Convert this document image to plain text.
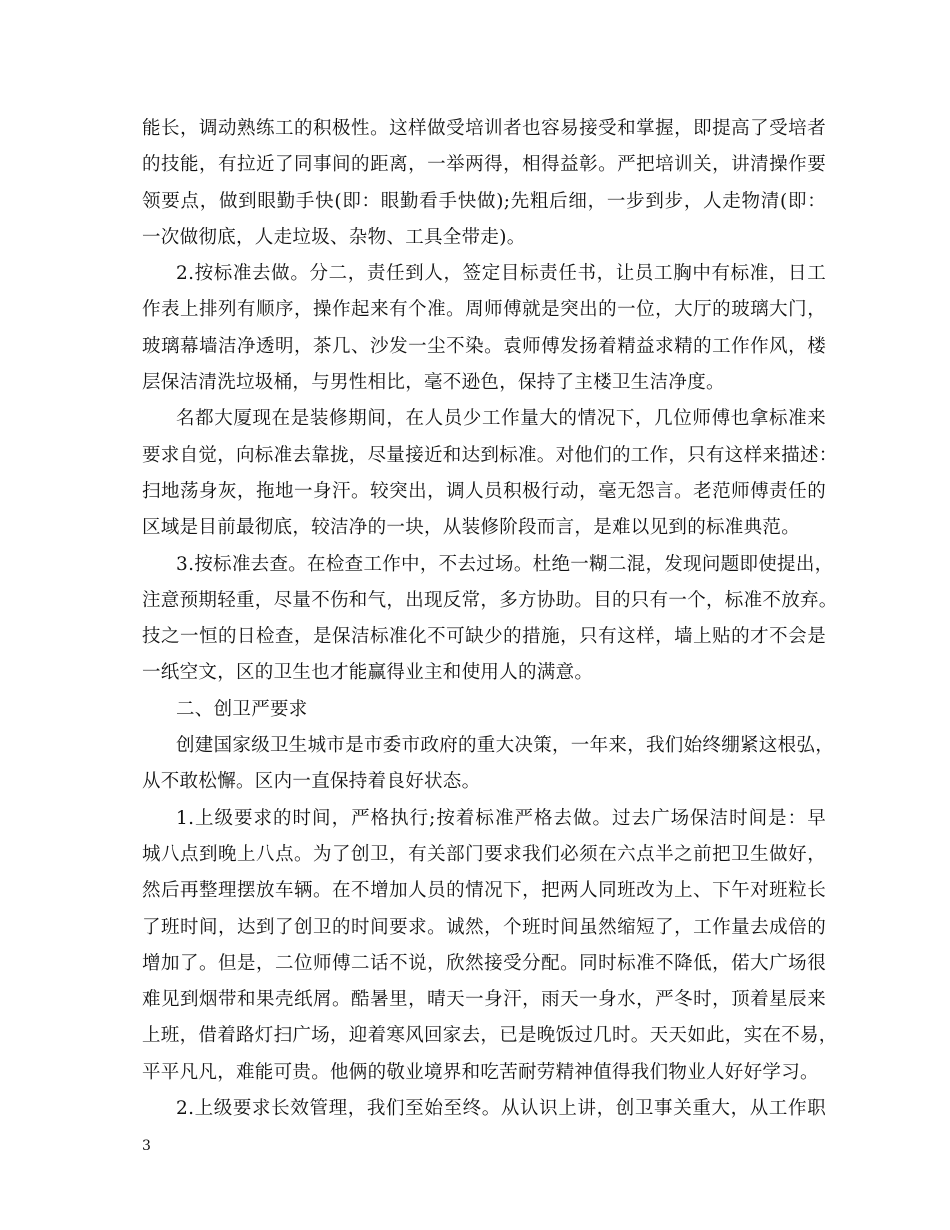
能长，调动熟练工的积极性。这样做受培训者也容易接受和掌握，即提高了受培者
的技能，有拉近了同事间的距离，一举两得，相得益彰。严把培训关，讲清操作要
领要点，做到眼勤手快(即：眼勤看手快做);先粗后细，一步到步，人走物清(即：
一次做彻底，人走垃圾、杂物、工具全带走)。
2.按标准去做。分二，责任到人，签定目标责任书，让员工胸中有标准，日工
作表上排列有顺序，操作起来有个准。周师傅就是突出的一位，大厅的玻璃大门，
玻璃幕墙洁净透明，茶几、沙发一尘不染。袁师傅发扬着精益求精的工作作风，楼
层保洁清洗垃圾桶，与男性相比，毫不逊色，保持了主楼卫生洁净度。
名都大厦现在是装修期间，在人员少工作量大的情况下，几位师傅也拿标准来
要求自觉，向标准去靠拢，尽量接近和达到标准。对他们的工作，只有这样来描述：
扫地荡身灰，拖地一身汗。较突出，调人员积极行动，毫无怨言。老范师傅责任的
区域是目前最彻底，较洁净的一块，从装修阶段而言，是难以见到的标准典范。
3.按标准去查。在检查工作中，不去过场。杜绝一糊二混，发现问题即使提出，
注意预期轻重，尽量不伤和气，出现反常，多方协助。目的只有一个，标准不放弃。
技之一恒的日检查，是保洁标准化不可缺少的措施，只有这样，墙上贴的才不会是
一纸空文，区的卫生也才能赢得业主和使用人的满意。
二、创卫严要求
创建国家级卫生城市是市委市政府的重大决策，一年来，我们始终绷紧这根弘，
从不敢松懈。区内一直保持着良好状态。
1.上级要求的时间，严格执行;按着标准严格去做。过去广场保洁时间是：早
城八点到晚上八点。为了创卫，有关部门要求我们必须在六点半之前把卫生做好，
然后再整理摆放车辆。在不增加人员的情况下，把两人同班改为上、下午对班粒长
了班时间，达到了创卫的时间要求。诚然，个班时间虽然缩短了，工作量去成倍的
增加了。但是，二位师傅二话不说，欣然接受分配。同时标准不降低，偌大广场很
难见到烟带和果壳纸屑。酷暑里，晴天一身汗，雨天一身水，严冬时，顶着星辰来
上班，借着路灯扫广场，迎着寒风回家去，已是晚饭过几时。天天如此，实在不易，
平平凡凡，难能可贵。他俩的敬业境界和吃苦耐劳精神值得我们物业人好好学习。
2.上级要求长效管理，我们至始至终。从认识上讲，创卫事关重大，从工作职
3
